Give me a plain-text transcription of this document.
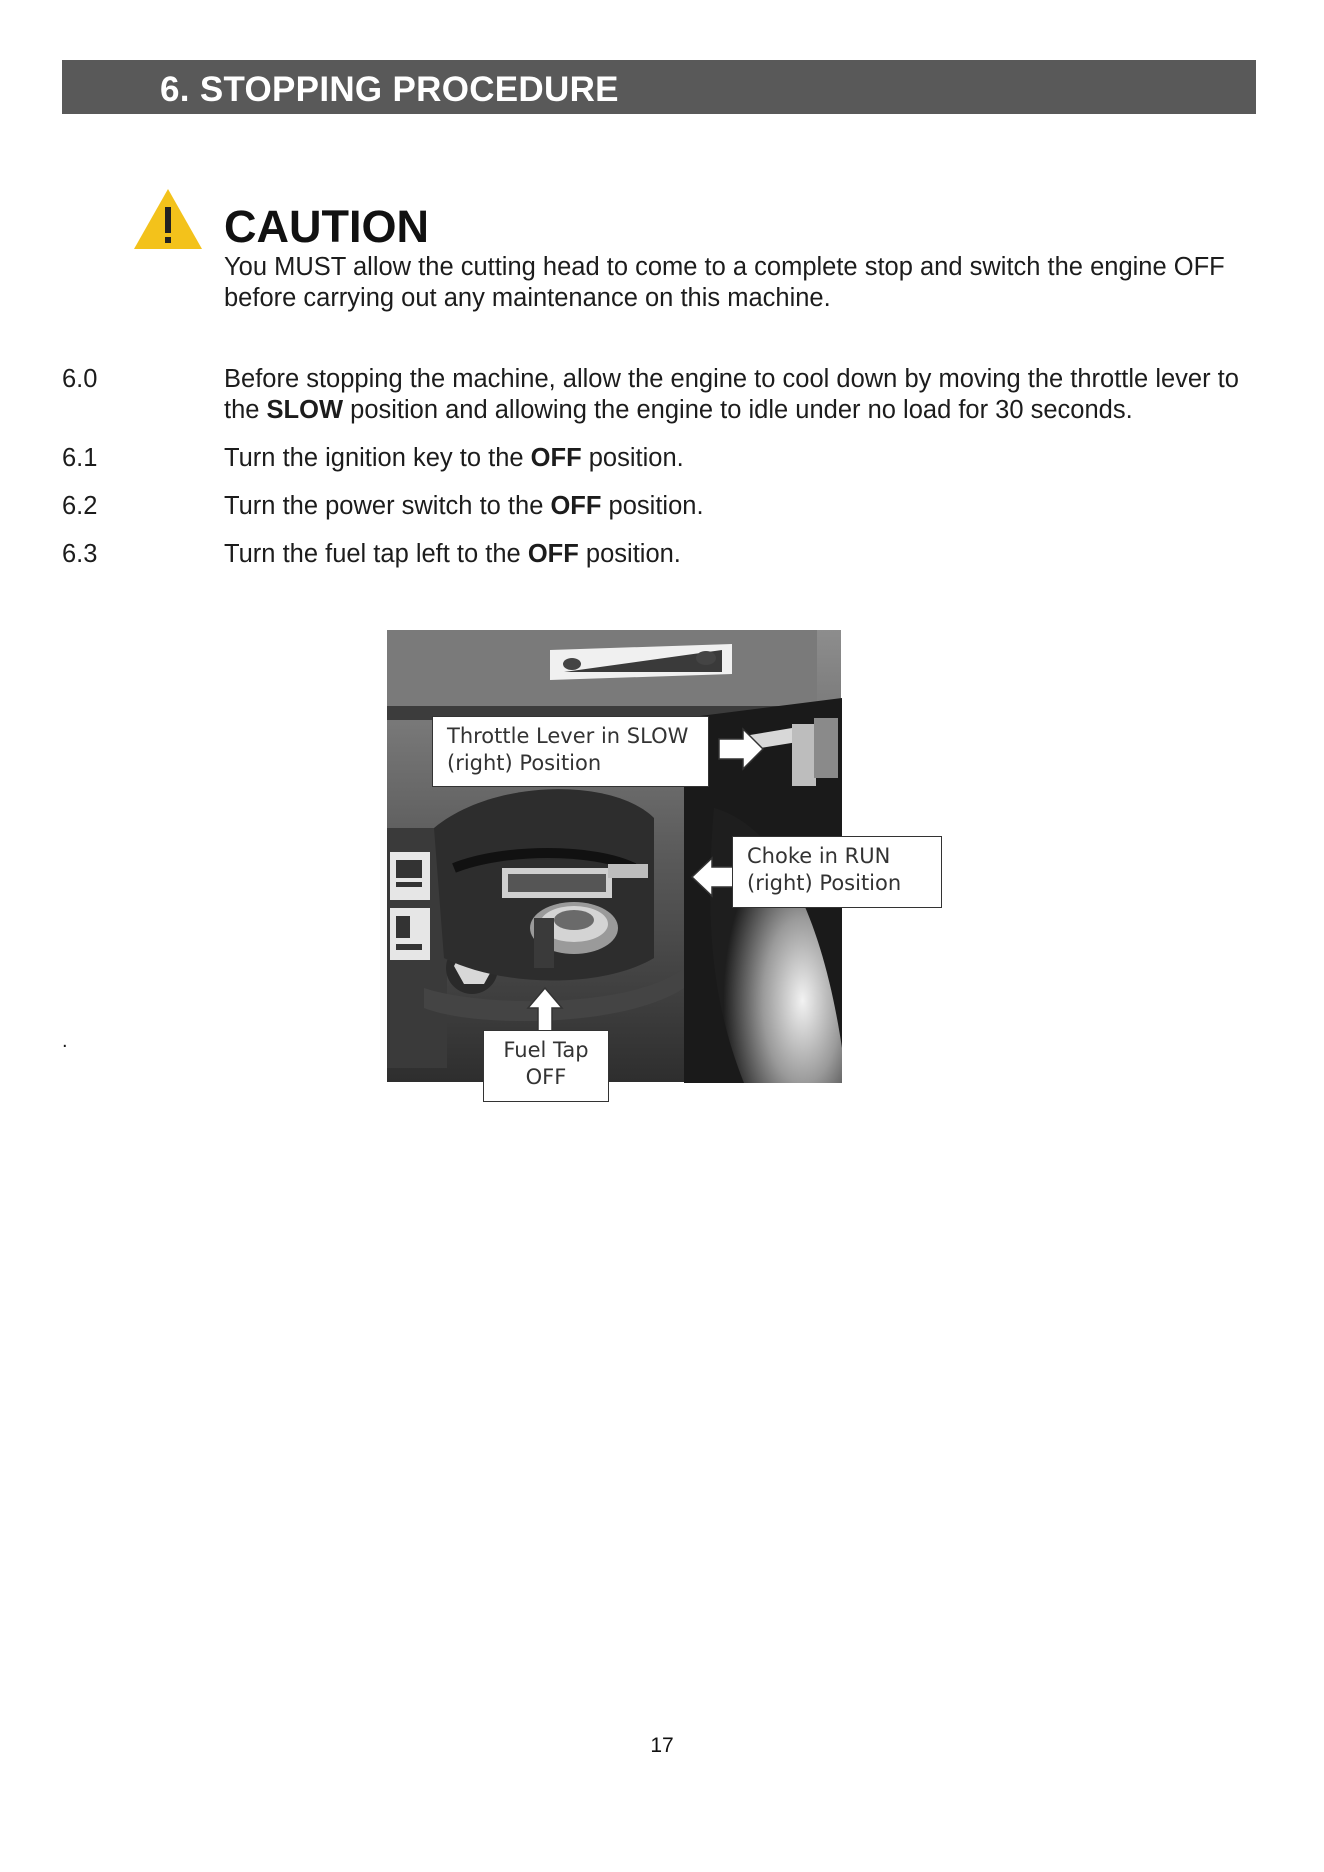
6. STOPPING PROCEDURE
CAUTION
You MUST allow the cutting head to come to a complete stop and switch the engine OFF before carrying out any maintenance on this machine.
6.0	Before stopping the machine, allow the engine to cool down by moving the throttle lever to the SLOW position and allowing the engine to idle under no load for 30 seconds.
6.1	Turn the ignition key to the OFF position.
6.2	Turn the power switch to the OFF position.
6.3	Turn the fuel tap left to the OFF position.
Throttle Lever in SLOW
(right) Position
Choke in RUN
(right) Position
Fuel Tap
OFF
.
17
